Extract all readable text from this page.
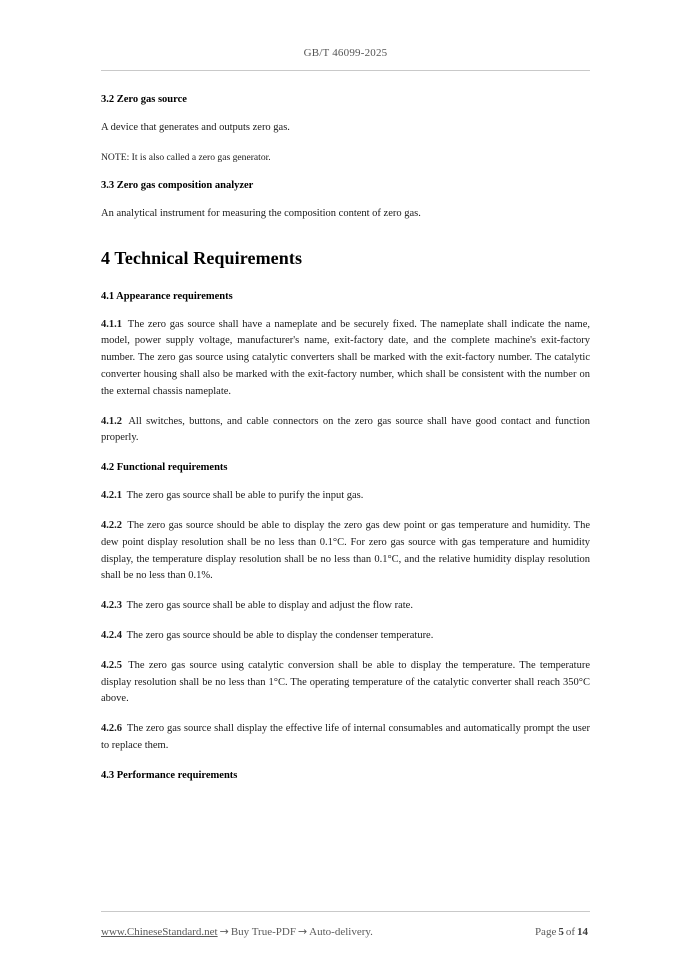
GB/T 46099-2025
3.2 Zero gas source

A device that generates and outputs zero gas.

NOTE: It is also called a zero gas generator.

3.3 Zero gas composition analyzer

An analytical instrument for measuring the composition content of zero gas.

4 Technical Requirements
4.1 Appearance requirements

4.1.1 The zero gas source shall have a nameplate and be securely fixed. The nameplate shall indicate the name, model, power supply voltage, manufacturer's name, exit-factory date, and the complete machine's exit-factory number. The zero gas source using catalytic converters shall be marked with the exit-factory number. The catalytic converter housing shall also be marked with the exit-factory number, which shall be consistent with the number on the external chassis nameplate.

4.1.2 All switches, buttons, and cable connectors on the zero gas source shall have good contact and function properly.

4.2 Functional requirements

4.2.1 The zero gas source shall be able to purify the input gas.

4.2.2 The zero gas source should be able to display the zero gas dew point or gas temperature and humidity. The dew point display resolution shall be no less than 0.1°C. For zero gas source with gas temperature and humidity display, the temperature display resolution shall be no less than 0.1°C, and the relative humidity display resolution shall be no less than 0.1%.

4.2.3 The zero gas source shall be able to display and adjust the flow rate.

4.2.4 The zero gas source should be able to display the condenser temperature.

4.2.5 The zero gas source using catalytic conversion shall be able to display the temperature. The temperature display resolution shall be no less than 1°C. The operating temperature of the catalytic converter shall reach 350°C above.

4.2.6 The zero gas source shall display the effective life of internal consumables and automatically prompt the user to replace them.

4.3 Performance requirements
www.ChineseStandard.net → Buy True-PDF → Auto-delivery.	Page 5 of 14
